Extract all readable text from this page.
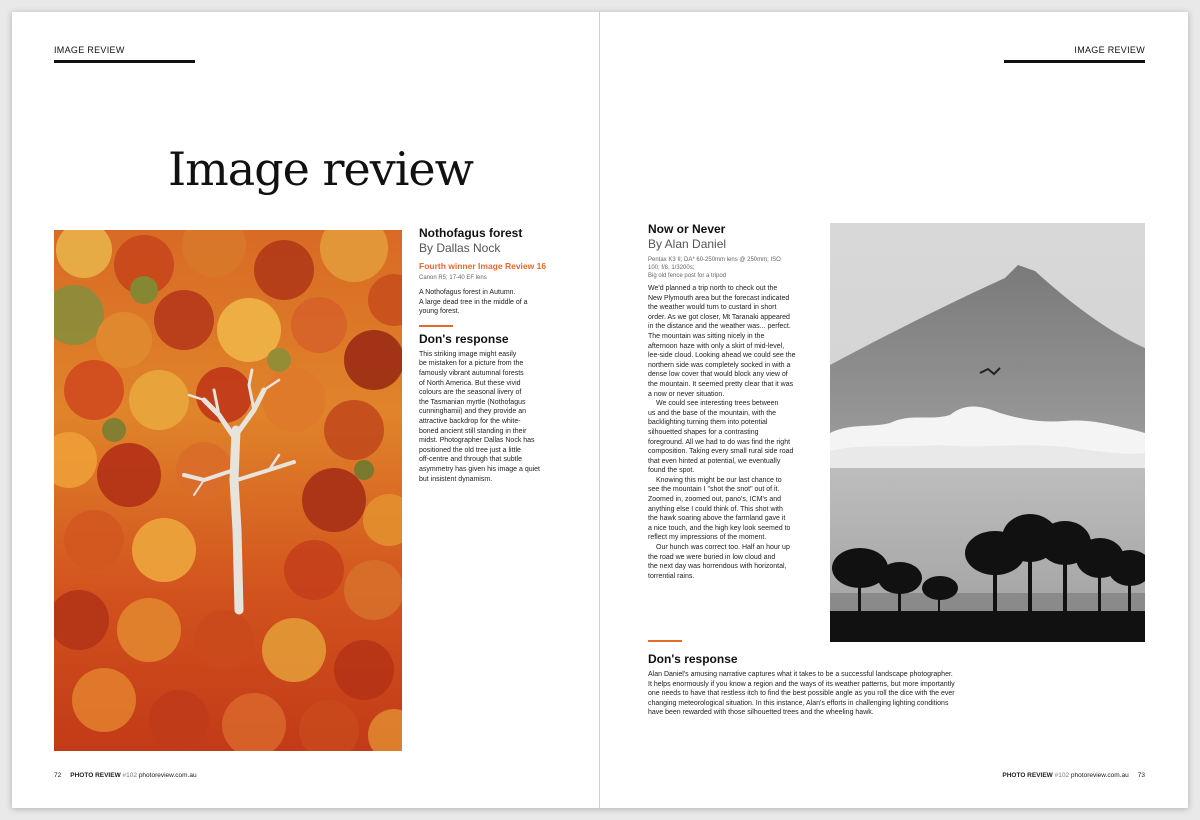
IMAGE REVIEW
Image review
Nothofagus forest
By Dallas Nock
Fourth winner Image Review 16
Canon R5; 17-40 EF lens
A Nothofagus forest in Autumn.
A large dead tree in the middle of a
young forest.
Don's response
This striking image might easily
be mistaken for a picture from the
famously vibrant autumnal forests
of North America. But these vivid
colours are the seasonal livery of
the Tasmanian myrtle (Nothofagus
cunninghamii) and they provide an
attractive backdrop for the white-
boned ancient still standing in their
midst. Photographer Dallas Nock has
positioned the old tree just a little
off-centre and through that subtle
asymmetry has given his image a quiet
but insistent dynamism.
72 PHOTO REVIEW #102 photoreview.com.au
IMAGE REVIEW
Now or Never
By Alan Daniel
Pentax K3 II; DA* 60-250mm lens @ 250mm; ISO
100; f/8, 1/3200s;
Big old fence post for a tripod

We'd planned a trip north to check out the
New Plymouth area but the forecast indicated
the weather would turn to custard in short
order. As we got closer, Mt Taranaki appeared
in the distance and the weather was... perfect.
The mountain was sitting nicely in the
afternoon haze with only a skirt of mid-level,
lee-side cloud. Looking ahead we could see the
northern side was completely socked in with a
dense low cover that would block any view of
the mountain. It seemed pretty clear that it was
a now or never situation.

We could see interesting trees between
us and the base of the mountain, with the
backlighting turning them into potential
silhouetted shapes for a contrasting
foreground. All we had to do was find the right
composition. Taking every small rural side road
that even hinted at potential, we eventually
found the spot.

Knowing this might be our last chance to
see the mountain I "shot the snot" out of it.
Zoomed in, zoomed out, pano's, ICM's and
anything else I could think of. This shot with
the hawk soaring above the farmland gave it
a nice touch, and the high key look seemed to
reflect my impressions of the moment.

Our hunch was correct too. Half an hour up
the road we were buried in low cloud and
the next day was horrendous with horizontal,
torrential rains.

Don's response
Alan Daniel's amusing narrative captures what it takes to be a successful landscape photographer.
It helps enormously if you know a region and the ways of its weather patterns, but more importantly
one needs to have that restless itch to find the best possible angle as you roll the dice with the ever
changing meteorological situation. In this instance, Alan's efforts in challenging lighting conditions
have been rewarded with those silhouetted trees and the wheeling hawk.
PHOTO REVIEW #102 photoreview.com.au 73
